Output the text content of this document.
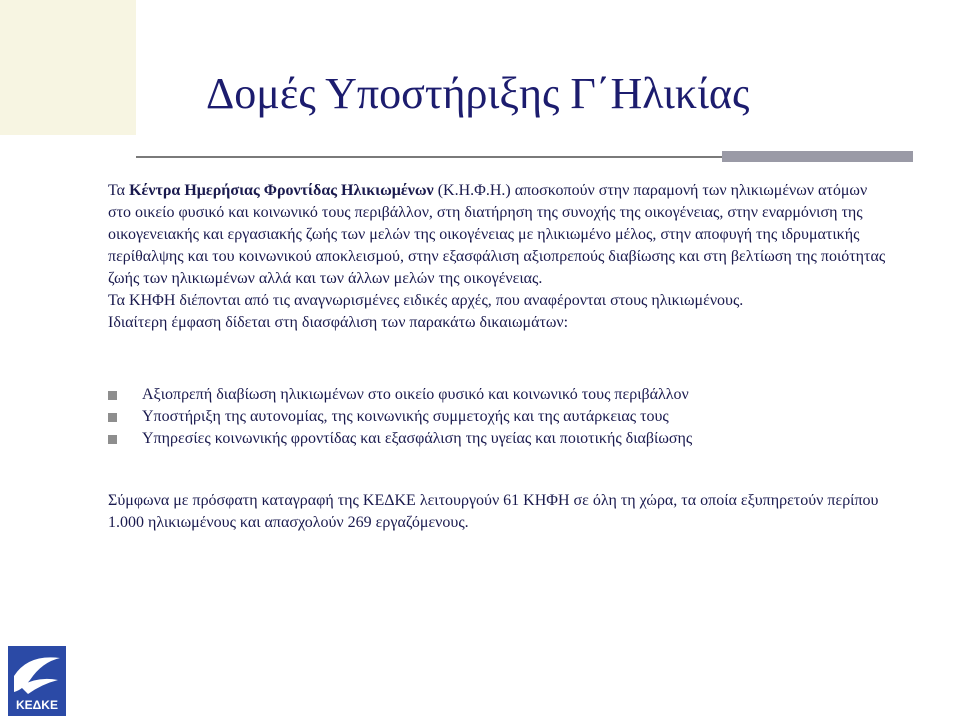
Δομές Υποστήριξης Γ΄Ηλικίας

Τα Κέντρα Ημερήσιας Φροντίδας Ηλικιωμένων (Κ.Η.Φ.Η.) αποσκοπούν στην παραμονή των ηλικιωμένων ατόμων στο οικείο φυσικό και κοινωνικό τους περιβάλλον, στη διατήρηση της συνοχής της οικογένειας, στην εναρμόνιση της οικογενειακής και εργασιακής ζωής των μελών της οικογένειας με ηλικιωμένο μέλος, στην αποφυγή της ιδρυματικής περίθαλψης και του κοινωνικού αποκλεισμού, στην εξασφάλιση αξιοπρεπούς διαβίωσης και στη βελτίωση της ποιότητας ζωής των ηλικιωμένων αλλά και των άλλων μελών της οικογένειας.

Τα ΚΗΦΗ διέπονται από τις αναγνωρισμένες ειδικές αρχές, που αναφέρονται στους ηλικιωμένους.

Ιδιαίτερη έμφαση δίδεται στη διασφάλιση των παρακάτω δικαιωμάτων:

Αξιοπρεπή διαβίωση ηλικιωμένων στο οικείο φυσικό και κοινωνικό τους περιβάλλον
Υποστήριξη της αυτονομίας, της κοινωνικής συμμετοχής και της αυτάρκειας τους
Υπηρεσίες κοινωνικής φροντίδας και εξασφάλιση της υγείας και ποιοτικής διαβίωσης

Σύμφωνα με πρόσφατη καταγραφή της ΚΕΔΚΕ λειτουργούν 61 ΚΗΦΗ σε όλη τη χώρα, τα οποία εξυπηρετούν περίπου 1.000 ηλικιωμένους και απασχολούν 269 εργαζόμενους.

ΚΕΔΚΕ
